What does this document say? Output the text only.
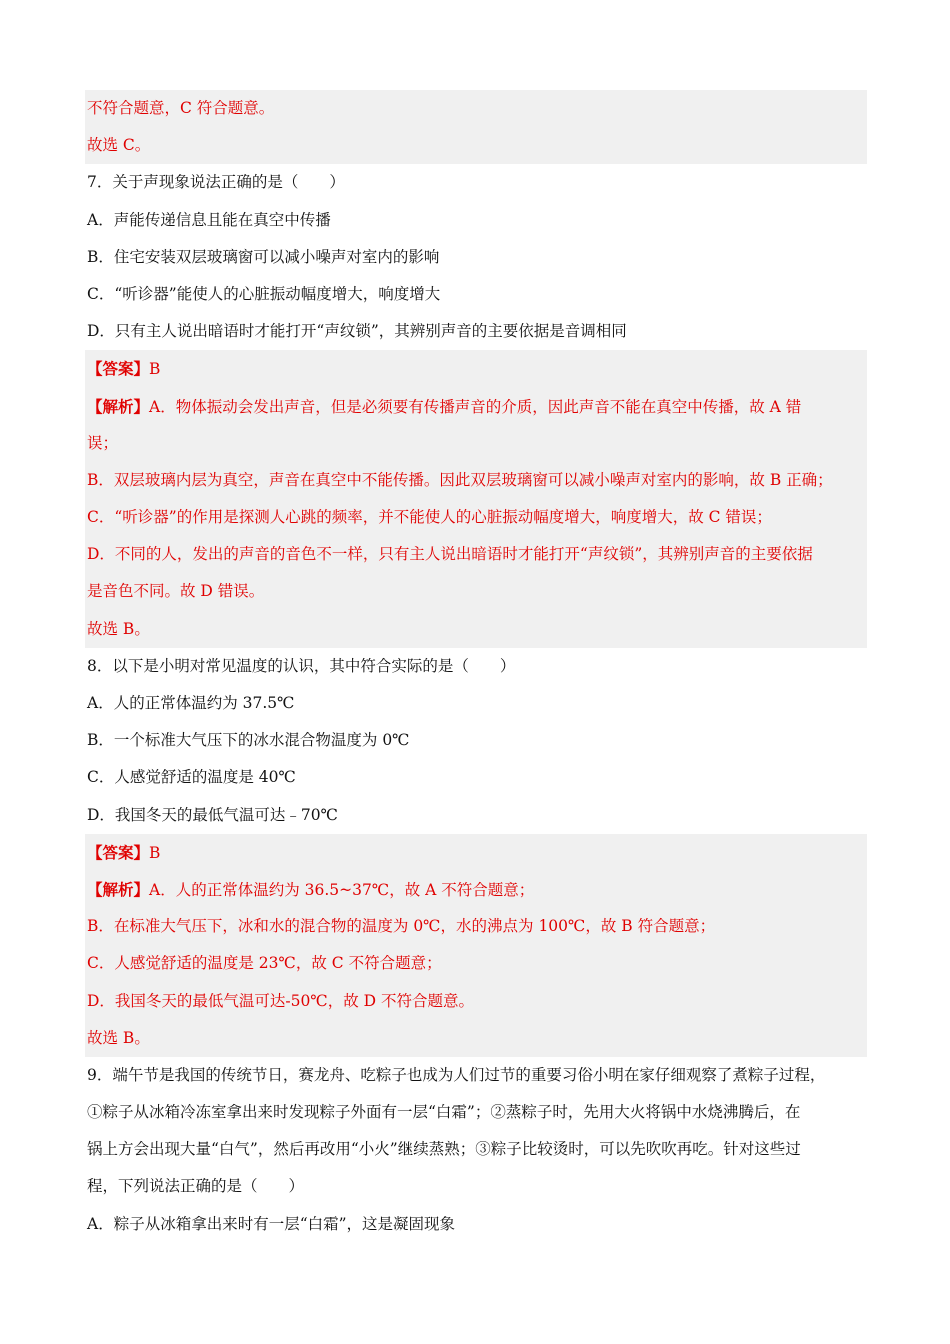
不符合题意，C 符合题意。
故选 C。
7．关于声现象说法正确的是（　　）
A．声能传递信息且能在真空中传播
B．住宅安装双层玻璃窗可以减小噪声对室内的影响
C．“听诊器”能使人的心脏振动幅度增大，响度增大
D．只有主人说出暗语时才能打开“声纹锁”，其辨别声音的主要依据是音调相同
【答案】B
【解析】A．物体振动会发出声音，但是必须要有传播声音的介质，因此声音不能在真空中传播，故 A 错
误；
B．双层玻璃内层为真空，声音在真空中不能传播。因此双层玻璃窗可以减小噪声对室内的影响，故 B 正确；
C．“听诊器”的作用是探测人心跳的频率，并不能使人的心脏振动幅度增大，响度增大，故 C 错误；
D．不同的人，发出的声音的音色不一样，只有主人说出暗语时才能打开“声纹锁”，其辨别声音的主要依据
是音色不同。故 D 错误。
故选 B。
8．以下是小明对常见温度的认识，其中符合实际的是（　　）
A．人的正常体温约为 37.5℃
B．一个标准大气压下的冰水混合物温度为 0℃
C．人感觉舒适的温度是 40℃
D．我国冬天的最低气温可达﹣70℃
【答案】B
【解析】A．人的正常体温约为 36.5~37℃，故 A 不符合题意；
B．在标准大气压下，冰和水的混合物的温度为 0℃，水的沸点为 100℃，故 B 符合题意；
C．人感觉舒适的温度是 23℃，故 C 不符合题意；
D．我国冬天的最低气温可达-50℃，故 D 不符合题意。
故选 B。
9．端午节是我国的传统节日，赛龙舟、吃粽子也成为人们过节的重要习俗小明在家仔细观察了煮粽子过程，
①粽子从冰箱冷冻室拿出来时发现粽子外面有一层“白霜”；②蒸粽子时，先用大火将锅中水烧沸腾后，在
锅上方会出现大量“白气”，然后再改用“小火”继续蒸熟；③粽子比较烫时，可以先吹吹再吃。针对这些过
程，下列说法正确的是（　　）
A．粽子从冰箱拿出来时有一层“白霜”，这是凝固现象
